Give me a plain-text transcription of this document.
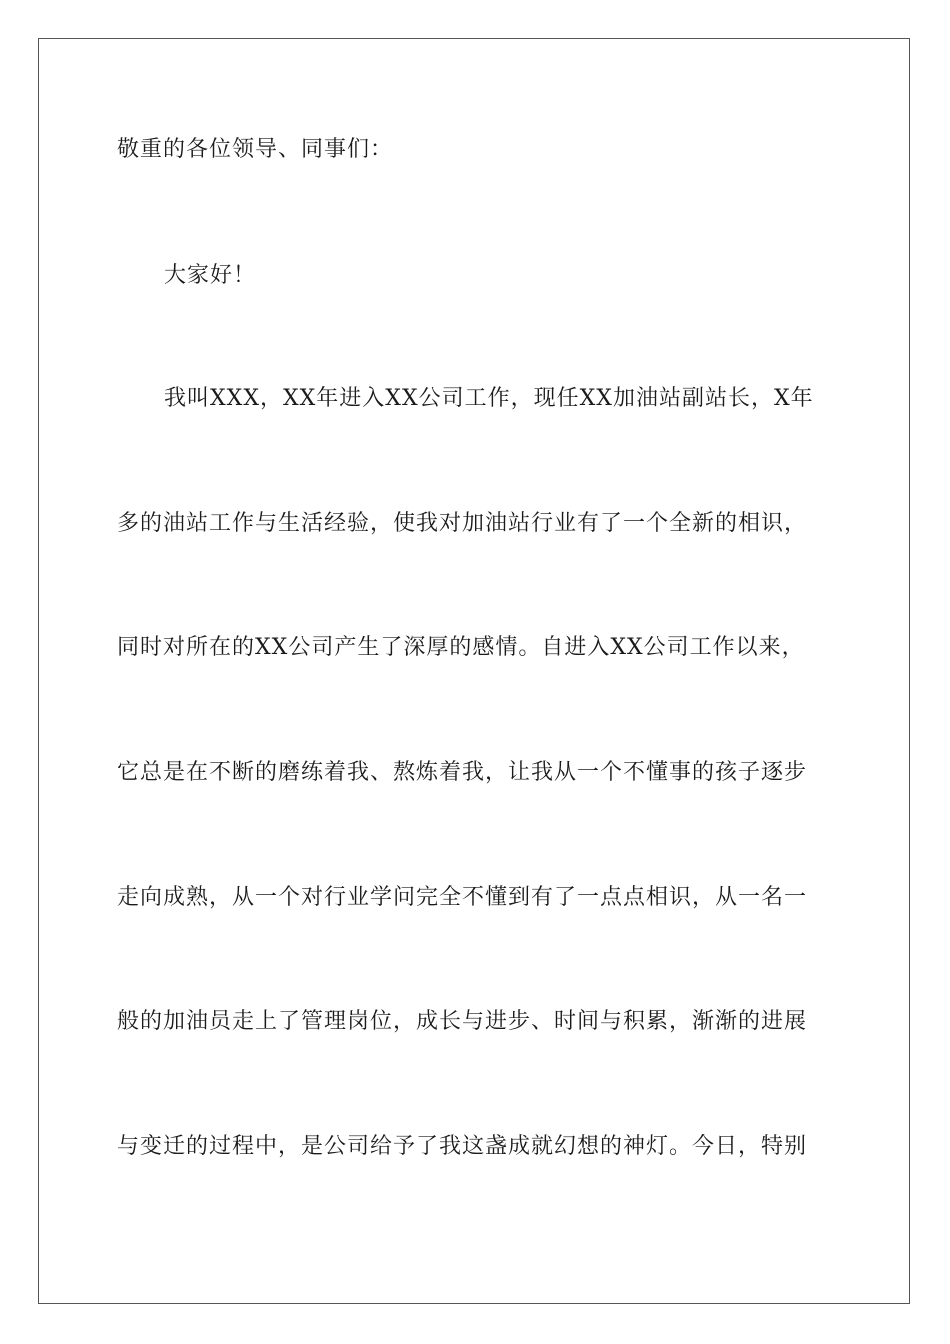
敬重的各位领导、同事们：
大家好！
我叫XXX，XX年进入XX公司工作，现任XX加油站副站长，X年
多的油站工作与生活经验，使我对加油站行业有了一个全新的相识，
同时对所在的XX公司产生了深厚的感情。自进入XX公司工作以来，
它总是在不断的磨练着我、熬炼着我，让我从一个不懂事的孩子逐步
走向成熟，从一个对行业学问完全不懂到有了一点点相识，从一名一
般的加油员走上了管理岗位，成长与进步、时间与积累，渐渐的进展
与变迁的过程中，是公司给予了我这盏成就幻想的神灯。今日，特别
